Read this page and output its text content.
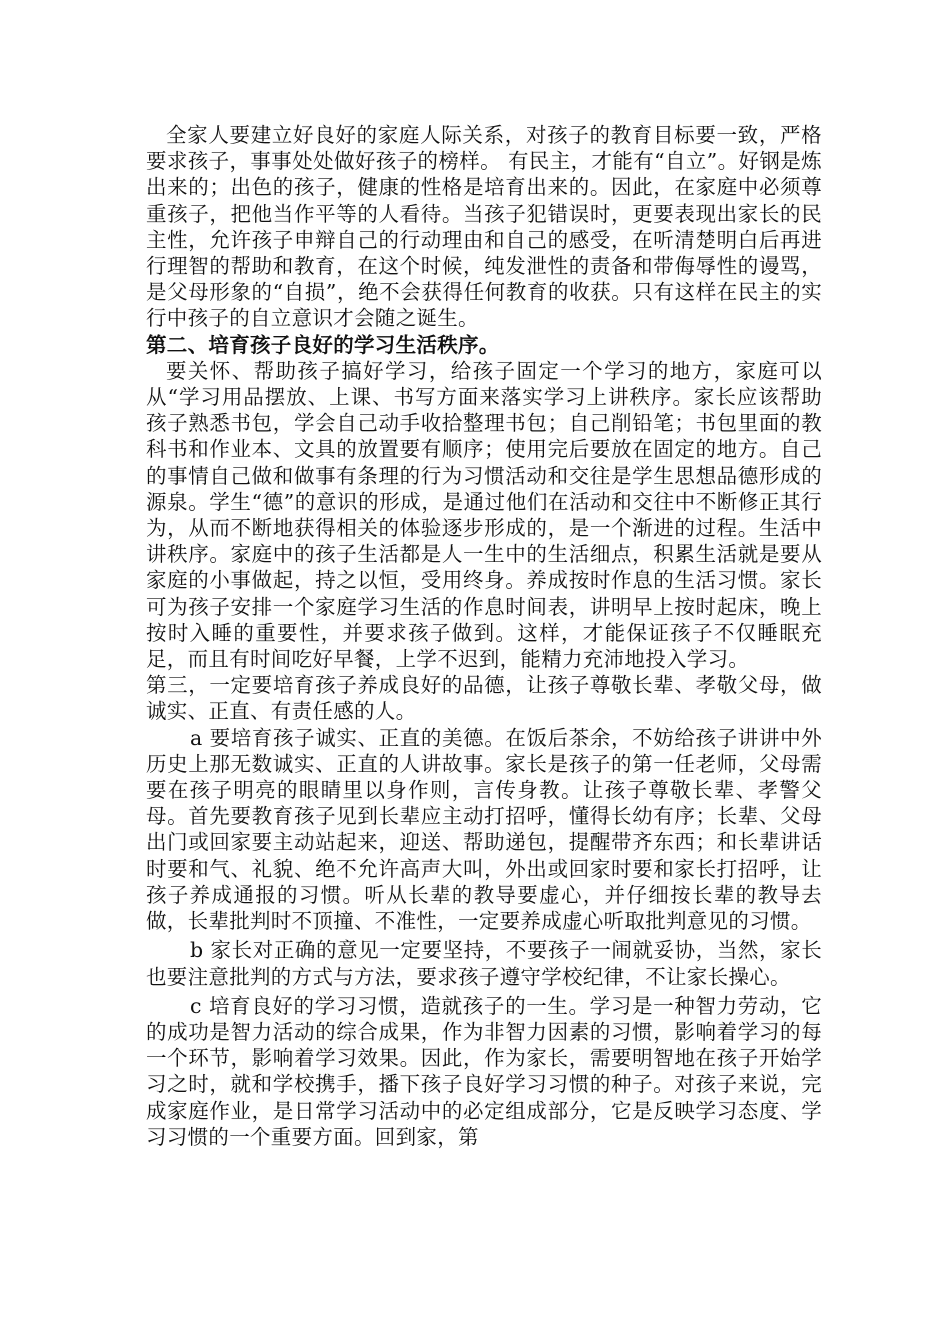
全家人要建立好良好的家庭人际关系，对孩子的教育目标要一致，严格要求孩子，事事处处做好孩子的榜样。 有民主，才能有“自立”。好钢是炼出来的；出色的孩子，健康的性格是培育出来的。因此，在家庭中必须尊重孩子，把他当作平等的人看待。当孩子犯错误时，更要表现出家长的民主性，允许孩子申辩自己的行动理由和自己的感受，在听清楚明白后再进行理智的帮助和教育，在这个时候，纯发泄性的责备和带侮辱性的谩骂，是父母形象的“自损”，绝不会获得任何教育的收获。只有这样在民主的实行中孩子的自立意识才会随之诞生。

第二、培育孩子良好的学习生活秩序。

要关怀、帮助孩子搞好学习，给孩子固定一个学习的地方，家庭可以从“学习用品摆放、上课、书写方面来落实学习上讲秩序。家长应该帮助孩子熟悉书包，学会自己动手收拾整理书包；自己削铅笔；书包里面的教科书和作业本、文具的放置要有顺序；使用完后要放在固定的地方。自己的事情自己做和做事有条理的行为习惯活动和交往是学生思想品德形成的源泉。学生“德”的意识的形成，是通过他们在活动和交往中不断修正其行为，从而不断地获得相关的体验逐步形成的，是一个渐进的过程。生活中讲秩序。家庭中的孩子生活都是人一生中的生活细点，积累生活就是要从家庭的小事做起，持之以恒，受用终身。养成按时作息的生活习惯。家长可为孩子安排一个家庭学习生活的作息时间表，讲明早上按时起床，晚上按时入睡的重要性，并要求孩子做到。这样，才能保证孩子不仅睡眠充足，而且有时间吃好早餐，上学不迟到，能精力充沛地投入学习。

第三，一定要培育孩子养成良好的品德，让孩子尊敬长辈、孝敬父母，做诚实、正直、有责任感的人。

a 要培育孩子诚实、正直的美德。在饭后茶余，不妨给孩子讲讲中外历史上那无数诚实、正直的人讲故事。家长是孩子的第一任老师，父母需要在孩子明亮的眼睛里以身作则，言传身教。让孩子尊敬长辈、孝警父母。首先要教育孩子见到长辈应主动打招呼，懂得长幼有序；长辈、父母出门或回家要主动站起来，迎送、帮助递包，提醒带齐东西；和长辈讲话时要和气、礼貌、绝不允许高声大叫，外出或回家时要和家长打招呼，让孩子养成通报的习惯。听从长辈的教导要虚心，并仔细按长辈的教导去做，长辈批判时不顶撞、不准性，一定要养成虚心听取批判意见的习惯。

b 家长对正确的意见一定要坚持，不要孩子一闹就妥协，当然，家长也要注意批判的方式与方法，要求孩子遵守学校纪律，不让家长操心。

c 培育良好的学习习惯，造就孩子的一生。学习是一种智力劳动，它的成功是智力活动的综合成果，作为非智力因素的习惯，影响着学习的每一个环节，影响着学习效果。因此，作为家长，需要明智地在孩子开始学习之时，就和学校携手，播下孩子良好学习习惯的种子。对孩子来说，完成家庭作业，是日常学习活动中的必定组成部分，它是反映学习态度、学习习惯的一个重要方面。回到家，第
